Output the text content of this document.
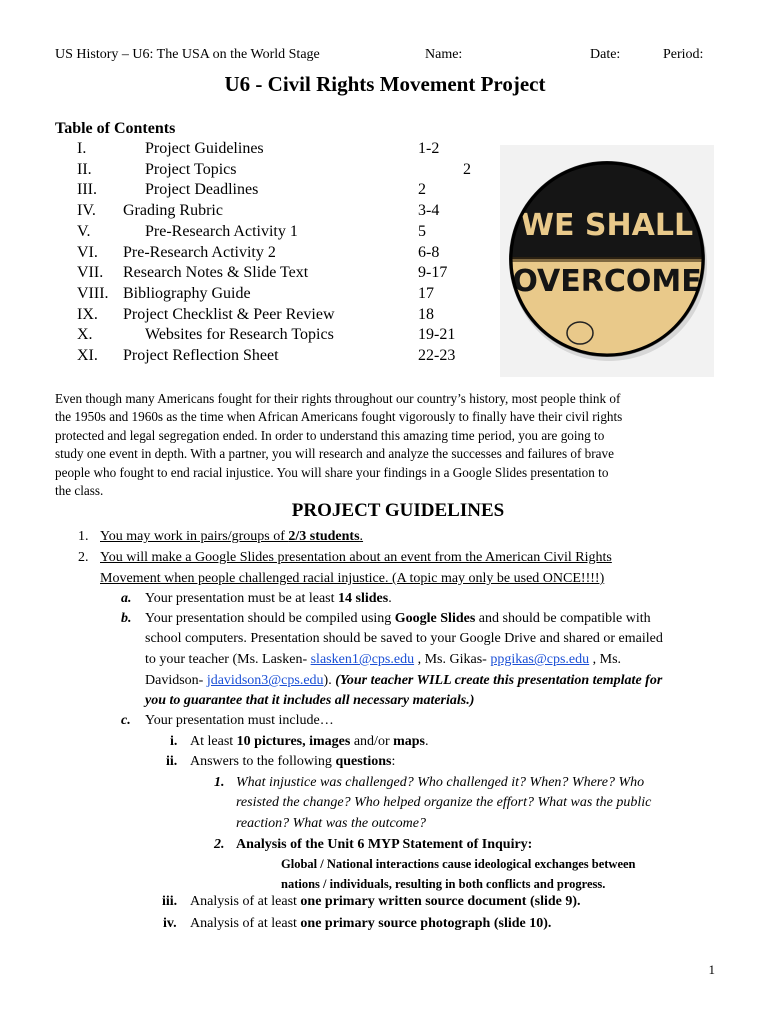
US History – U6: The USA on the World Stage	Name:	Date:	Period:
U6 - Civil Rights Movement Project
Table of Contents
I.	Project Guidelines	1-2
II.	Project Topics	2
III.	Project Deadlines	2
IV. Grading Rubric	3-4
V.	Pre-Research Activity 1	5
VI. Pre-Research Activity 2	6-8
VII. Research Notes & Slide Text	9-17
VIII. Bibliography Guide	17
IX. Project Checklist & Peer Review	18
X.	Websites for Research Topics	19-21
XI. Project Reflection Sheet	22-23
WE SHALL
OVERCOME
Even though many Americans fought for their rights throughout our country’s history, most people think of
the 1950s and 1960s as the time when African Americans fought vigorously to finally have their civil rights
protected and legal segregation ended. In order to understand this amazing time period, you are going to
study one event in depth. With a partner, you will research and analyze the successes and failures of brave
people who fought to end racial injustice. You will share your findings in a Google Slides presentation to
the class.
PROJECT GUIDELINES
1. You may work in pairs/groups of 2/3 students.
2. You will make a Google Slides presentation about an event from the American Civil Rights
Movement when people challenged racial injustice. (A topic may only be used ONCE!!!!)
a. Your presentation must be at least 14 slides.
b. Your presentation should be compiled using Google Slides and should be compatible with
school computers. Presentation should be saved to your Google Drive and shared or emailed
to your teacher (Ms. Lasken- slasken1@cps.edu , Ms. Gikas- ppgikas@cps.edu , Ms.
Davidson- jdavidson3@cps.edu). (Your teacher WILL create this presentation template for
you to guarantee that it includes all necessary materials.)
c. Your presentation must include…
i. At least 10 pictures, images and/or maps.
ii. Answers to the following questions:
1. What injustice was challenged? Who challenged it? When? Where? Who
resisted the change? Who helped organize the effort? What was the public
reaction? What was the outcome?
2. Analysis of the Unit 6 MYP Statement of Inquiry:
Global / National interactions cause ideological exchanges between
nations / individuals, resulting in both conflicts and progress.
iii. Analysis of at least one primary written source document (slide 9).
iv. Analysis of at least one primary source photograph (slide 10).
1
